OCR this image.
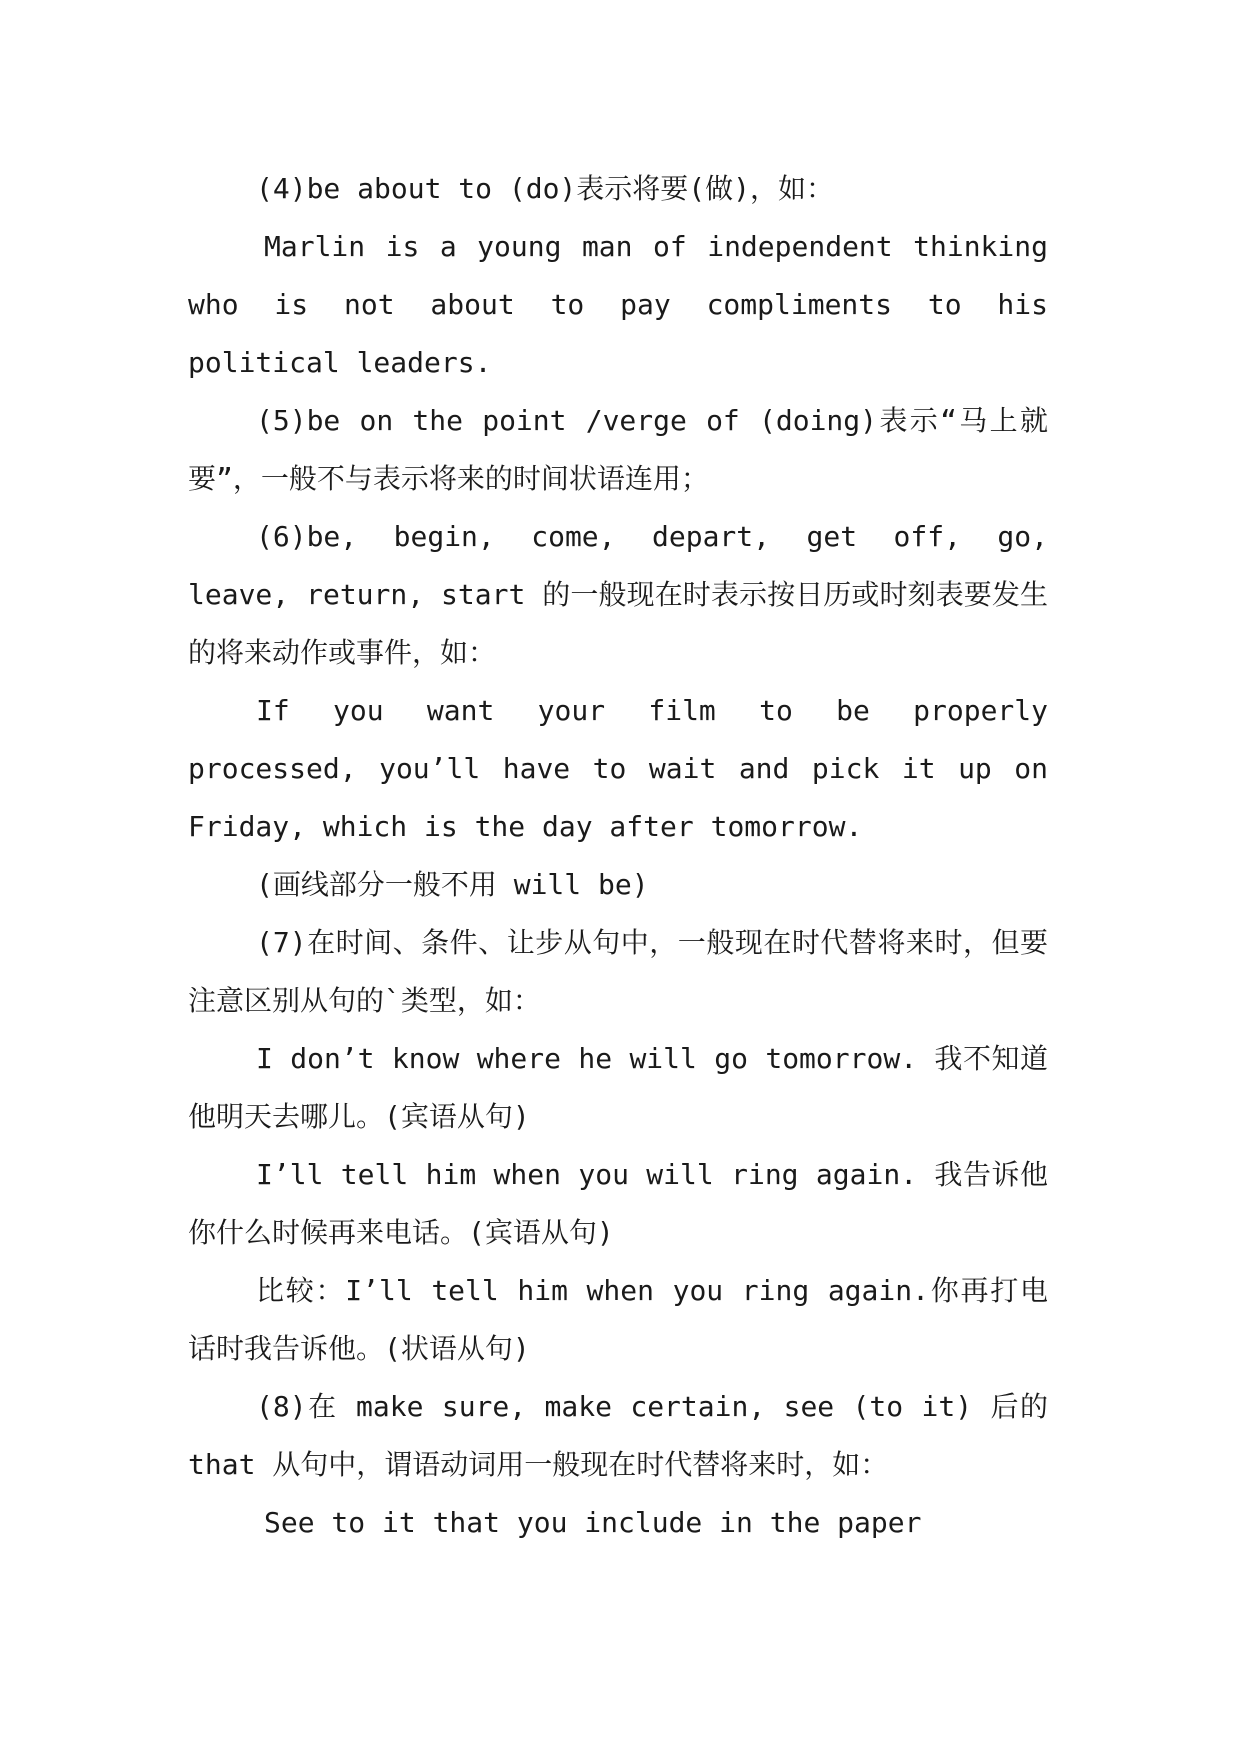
(4)be about to (do)表示将要(做)，如：

Marlin is a young man of independent thinking who is not about to pay compliments to his political leaders.

(5)be on the point /verge of (doing)表示“马上就要”，一般不与表示将来的时间状语连用；

(6)be, begin, come, depart, get off, go, leave, return, start 的一般现在时表示按日历或时刻表要发生的将来动作或事件，如：

If you want your film to be properly processed, you’ll have to wait and pick it up on Friday, which is the day after tomorrow.

(画线部分一般不用 will be)

(7)在时间、条件、让步从句中，一般现在时代替将来时，但要注意区别从句的`类型，如：

I don’t know where he will go tomorrow. 我不知道他明天去哪儿。(宾语从句)

I’ll tell him when you will ring again. 我告诉他你什么时候再来电话。(宾语从句)

比较：I’ll tell him when you ring again.你再打电话时我告诉他。(状语从句)

(8)在 make sure, make certain, see (to it) 后的 that 从句中，谓语动词用一般现在时代替将来时，如：

See to it that you include in the paper
